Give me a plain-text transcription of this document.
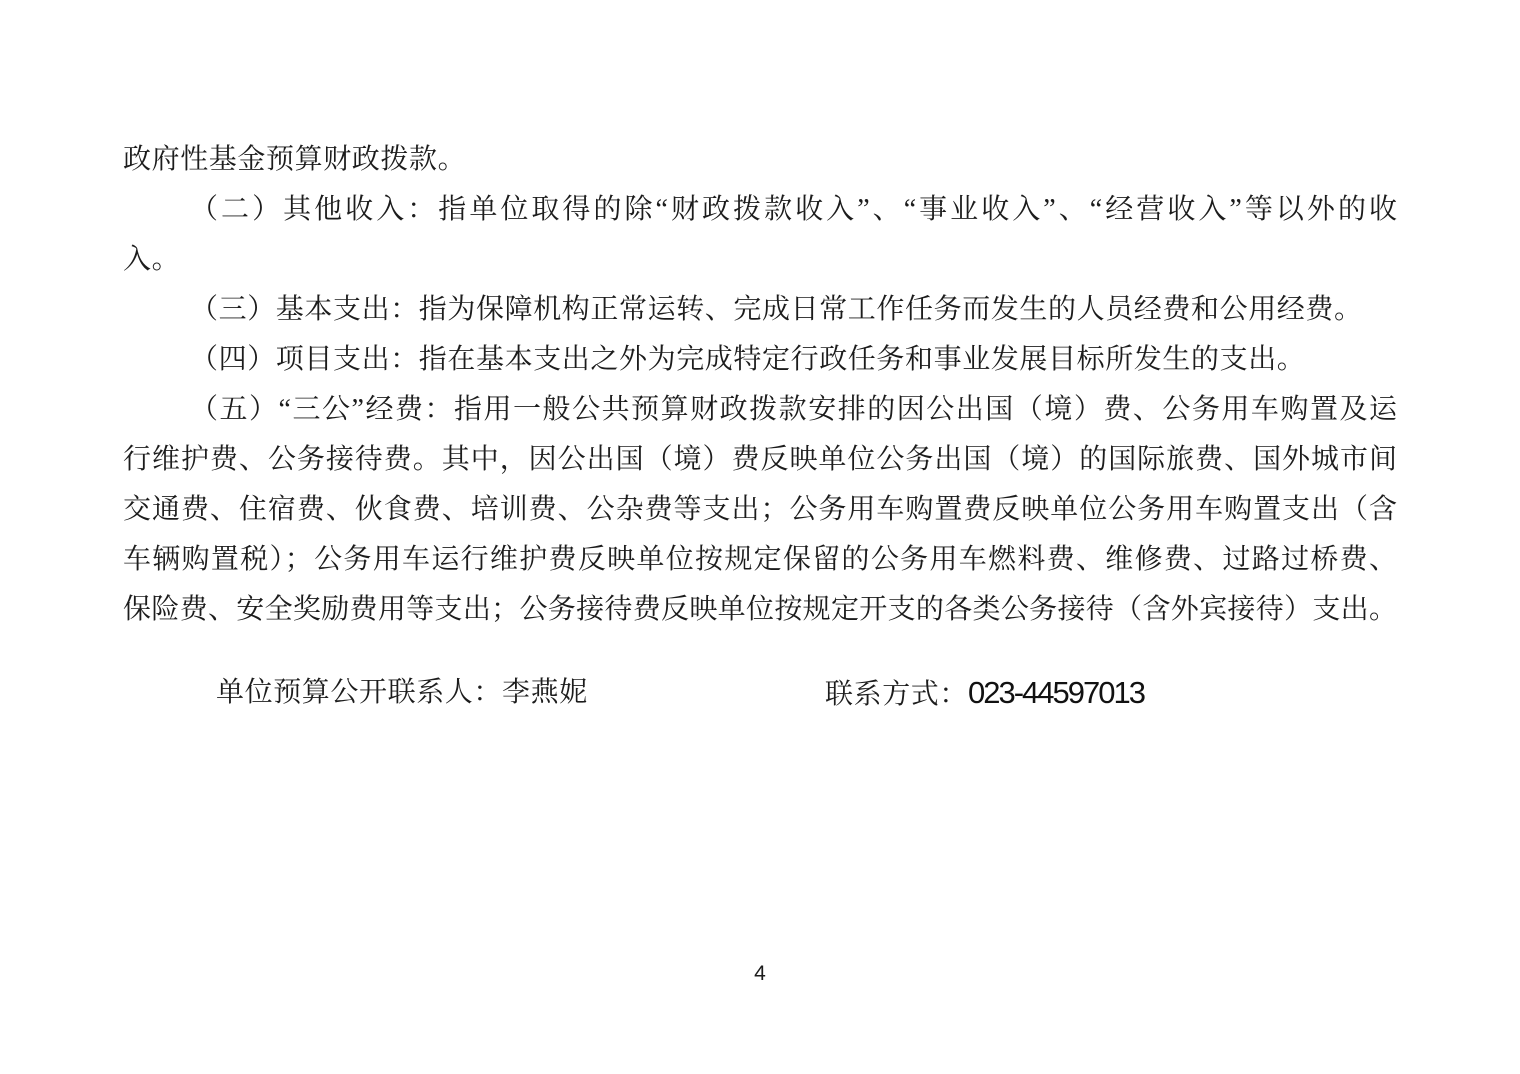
政府性基金预算财政拨款。
（二）其他收入：指单位取得的除“财政拨款收入”、“事业收入”、“经营收入”等以外的收
入。
（三）基本支出：指为保障机构正常运转、完成日常工作任务而发生的人员经费和公用经费。
（四）项目支出：指在基本支出之外为完成特定行政任务和事业发展目标所发生的支出。
（五）“三公”经费：指用一般公共预算财政拨款安排的因公出国（境）费、公务用车购置及运
行维护费、公务接待费。其中，因公出国（境）费反映单位公务出国（境）的国际旅费、国外城市间
交通费、住宿费、伙食费、培训费、公杂费等支出；公务用车购置费反映单位公务用车购置支出（含
车辆购置税）；公务用车运行维护费反映单位按规定保留的公务用车燃料费、维修费、过路过桥费、
保险费、安全奖励费用等支出；公务接待费反映单位按规定开支的各类公务接待（含外宾接待）支出。
单位预算公开联系人：李燕妮	联系方式：023-44597013
4
